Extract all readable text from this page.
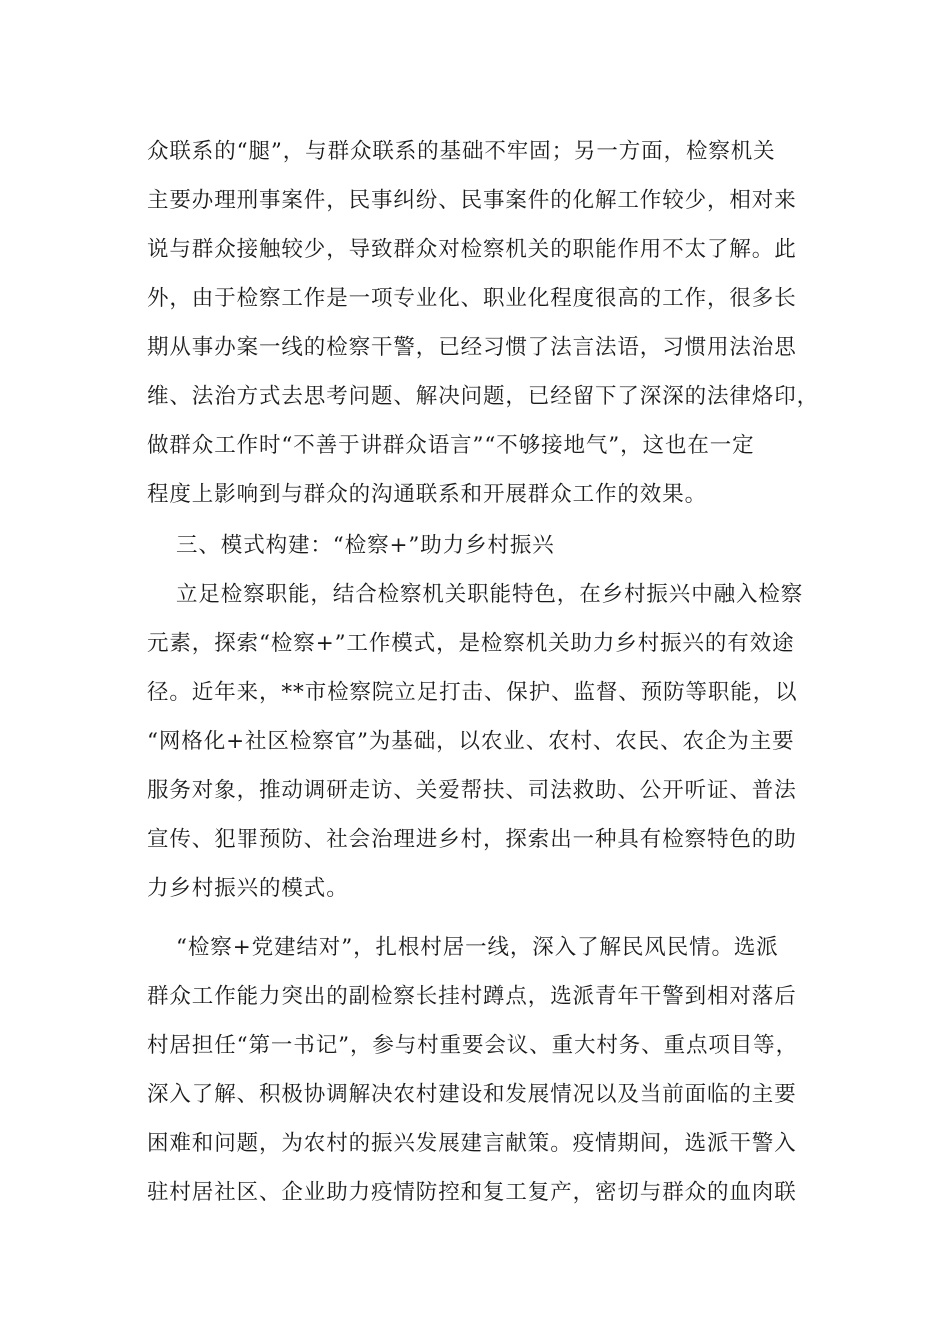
众联系的“腿”，与群众联系的基础不牢固；另一方面，检察机关
主要办理刑事案件，民事纠纷、民事案件的化解工作较少，相对来
说与群众接触较少，导致群众对检察机关的职能作用不太了解。此
外，由于检察工作是一项专业化、职业化程度很高的工作，很多长
期从事办案一线的检察干警，已经习惯了法言法语，习惯用法治思
维、法治方式去思考问题、解决问题，已经留下了深深的法律烙印，
做群众工作时“不善于讲群众语言”“不够接地气”，这也在一定
程度上影响到与群众的沟通联系和开展群众工作的效果。
三、模式构建：“检察+”助力乡村振兴
立足检察职能，结合检察机关职能特色，在乡村振兴中融入检察
元素，探索“检察+”工作模式，是检察机关助力乡村振兴的有效途
径。近年来，**市检察院立足打击、保护、监督、预防等职能，以
“网格化+社区检察官”为基础，以农业、农村、农民、农企为主要
服务对象，推动调研走访、关爱帮扶、司法救助、公开听证、普法
宣传、犯罪预防、社会治理进乡村，探索出一种具有检察特色的助
力乡村振兴的模式。
“检察+党建结对”，扎根村居一线，深入了解民风民情。选派
群众工作能力突出的副检察长挂村蹲点，选派青年干警到相对落后
村居担任“第一书记”，参与村重要会议、重大村务、重点项目等，
深入了解、积极协调解决农村建设和发展情况以及当前面临的主要
困难和问题，为农村的振兴发展建言献策。疫情期间，选派干警入
驻村居社区、企业助力疫情防控和复工复产，密切与群众的血肉联
